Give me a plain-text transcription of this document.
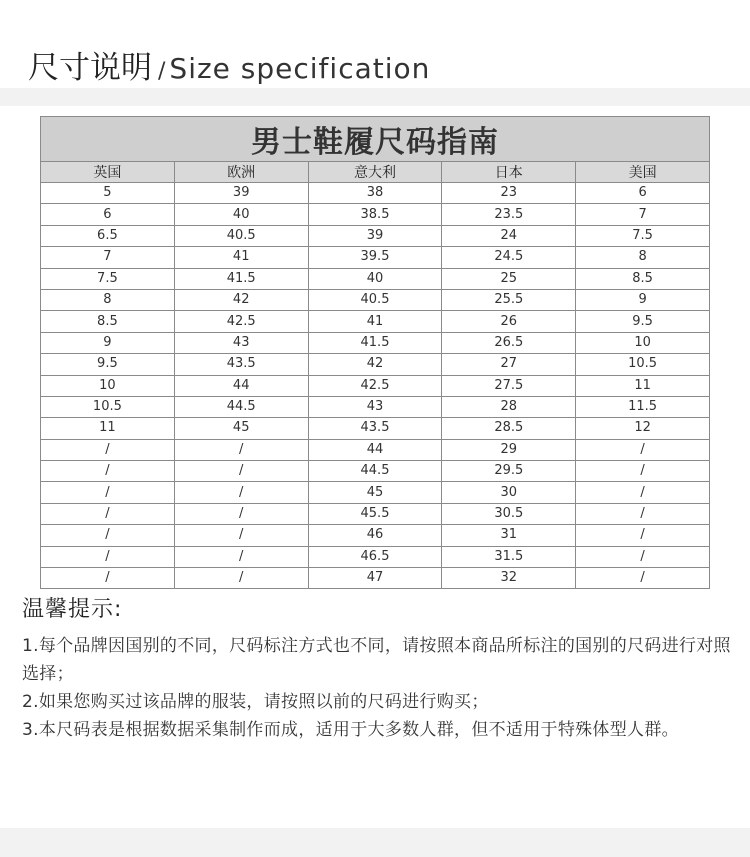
尺寸说明 / Size specification
男士鞋履尺码指南				
英国	欧洲	意大利	日本	美国
5	39	38	23	6
6	40	38.5	23.5	7
6.5	40.5	39	24	7.5
7	41	39.5	24.5	8
7.5	41.5	40	25	8.5
8	42	40.5	25.5	9
8.5	42.5	41	26	9.5
9	43	41.5	26.5	10
9.5	43.5	42	27	10.5
10	44	42.5	27.5	11
10.5	44.5	43	28	11.5
11	45	43.5	28.5	12
/	/	44	29	/
/	/	44.5	29.5	/
/	/	45	30	/
/	/	45.5	30.5	/
/	/	46	31	/
/	/	46.5	31.5	/
/	/	47	32	/
温馨提示:

1.每个品牌因国别的不同，尺码标注方式也不同，请按照本商品所标注的国别的尺码进行对照选择；

2.如果您购买过该品牌的服装，请按照以前的尺码进行购买；

3.本尺码表是根据数据采集制作而成，适用于大多数人群，但不适用于特殊体型人群。
